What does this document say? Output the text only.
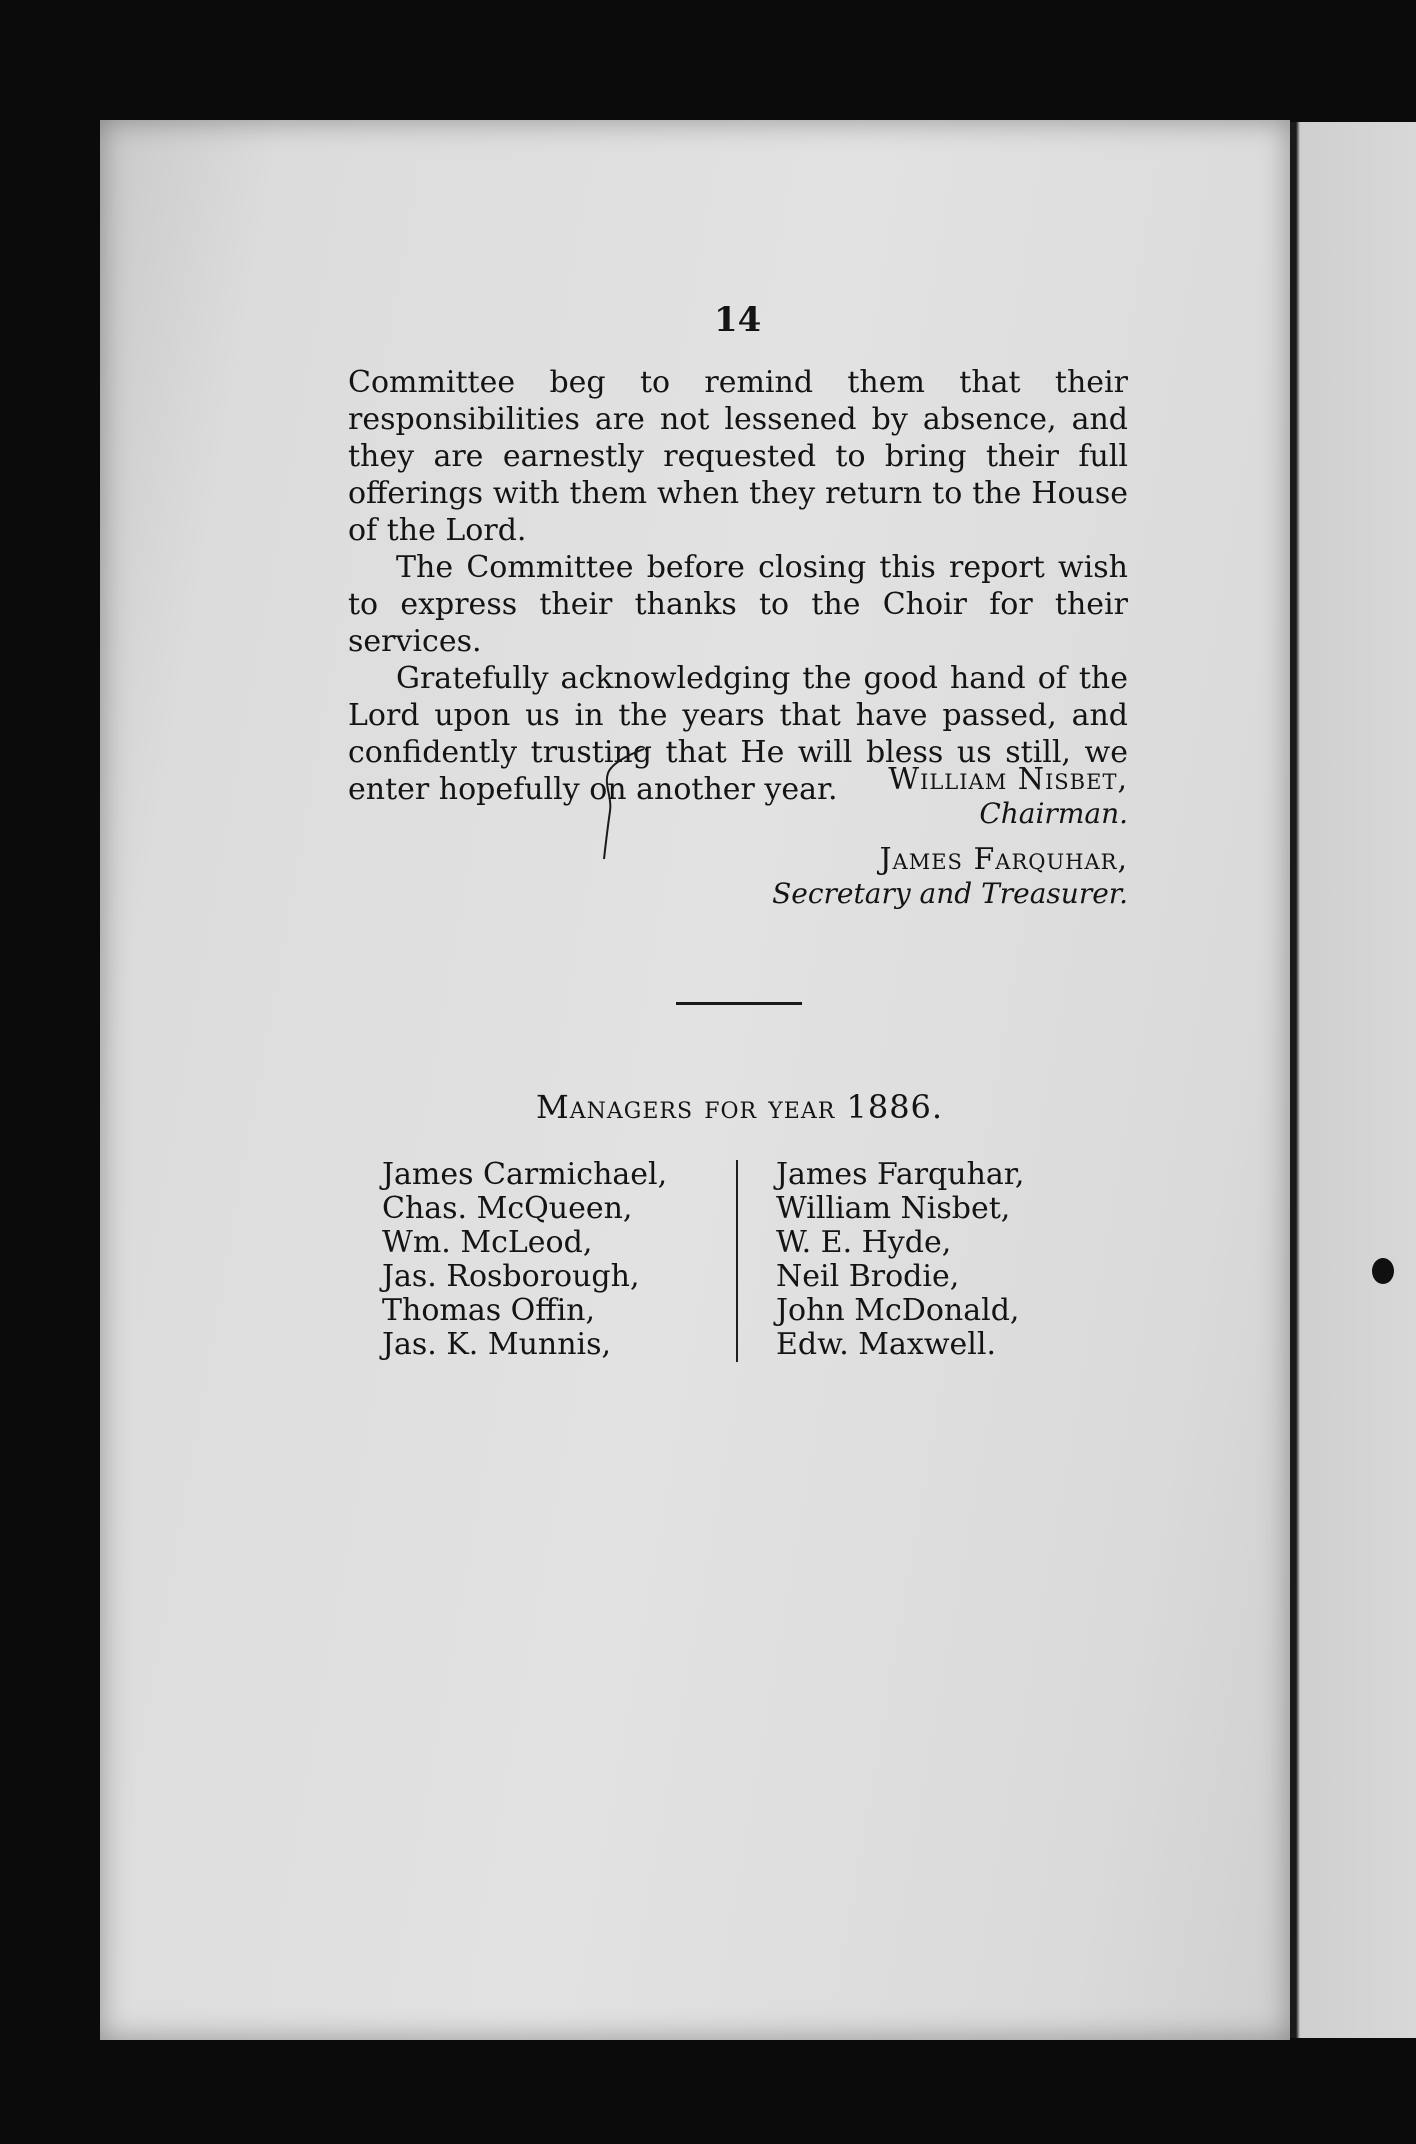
14

Committee beg to remind them that their responsibilities are not lessened by absence, and they are earnestly requested to bring their full offerings with them when they return to the House of the Lord.

The Committee before closing this report wish to express their thanks to the Choir for their services.

Gratefully acknowledging the good hand of the Lord upon us in the years that have passed, and confidently trusting that He will bless us still, we enter hopefully on another year.	William Nisbet,
Chairman.
James Farquhar,
Secretary and Treasurer.
Managers for year 1886.
James Carmichael,
Chas. McQueen,
Wm. McLeod,
Jas. Rosborough,
Thomas Offin,
Jas. K. Munnis,
James Farquhar,
William Nisbet,
W. E. Hyde,
Neil Brodie,
John McDonald,
Edw. Maxwell.
